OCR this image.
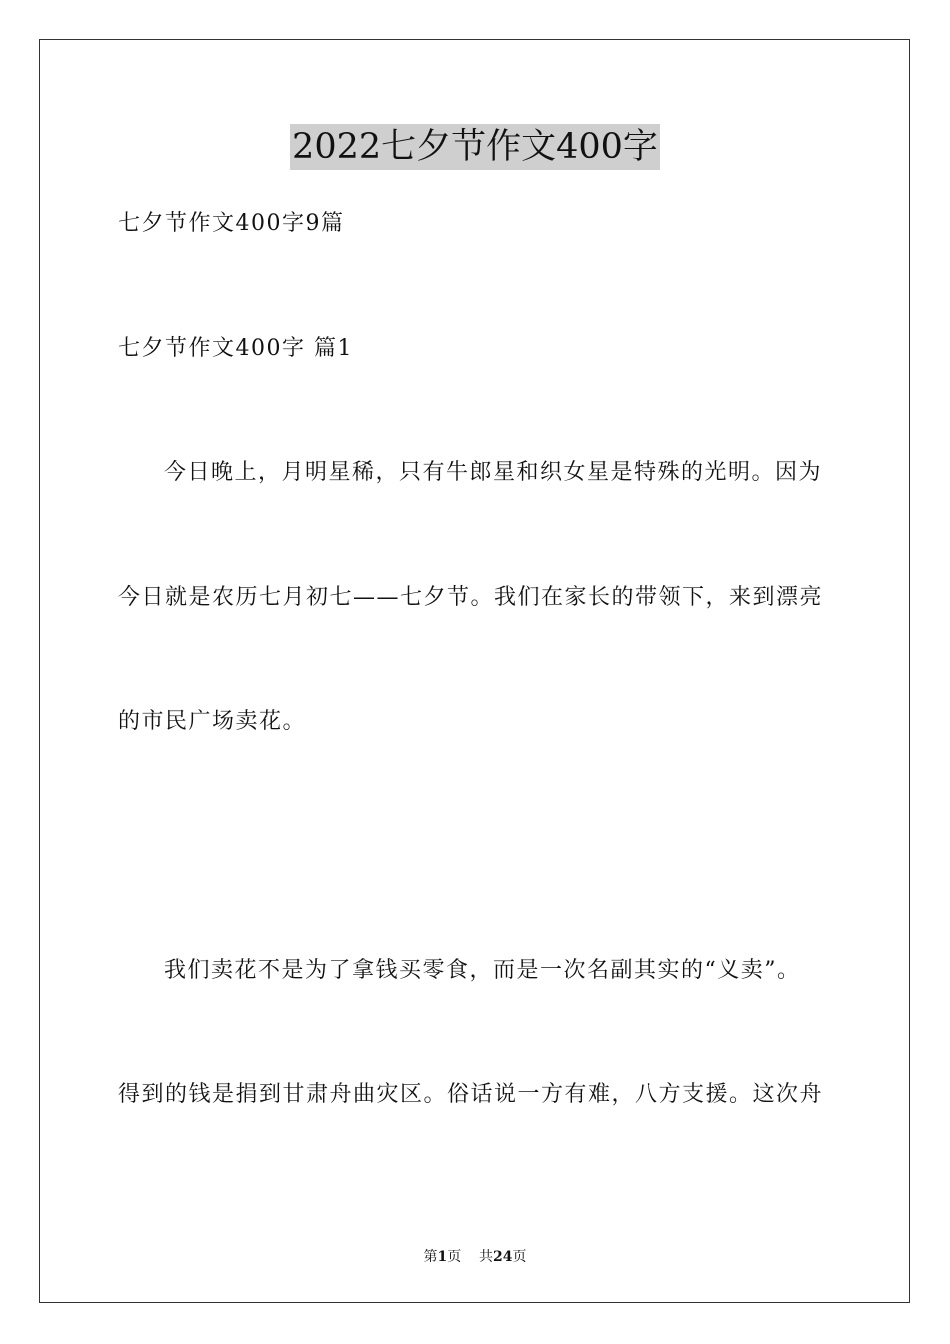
2022七夕节作文400字
七夕节作文400字9篇
七夕节作文400字 篇1
今日晚上，月明星稀，只有牛郎星和织女星是特殊的光明。因为
今日就是农历七月初七——七夕节。我们在家长的带领下，来到漂亮
的市民广场卖花。
我们卖花不是为了拿钱买零食，而是一次名副其实的“义卖”。
得到的钱是捐到甘肃舟曲灾区。俗话说一方有难，八方支援。这次舟
第1页 共24页
